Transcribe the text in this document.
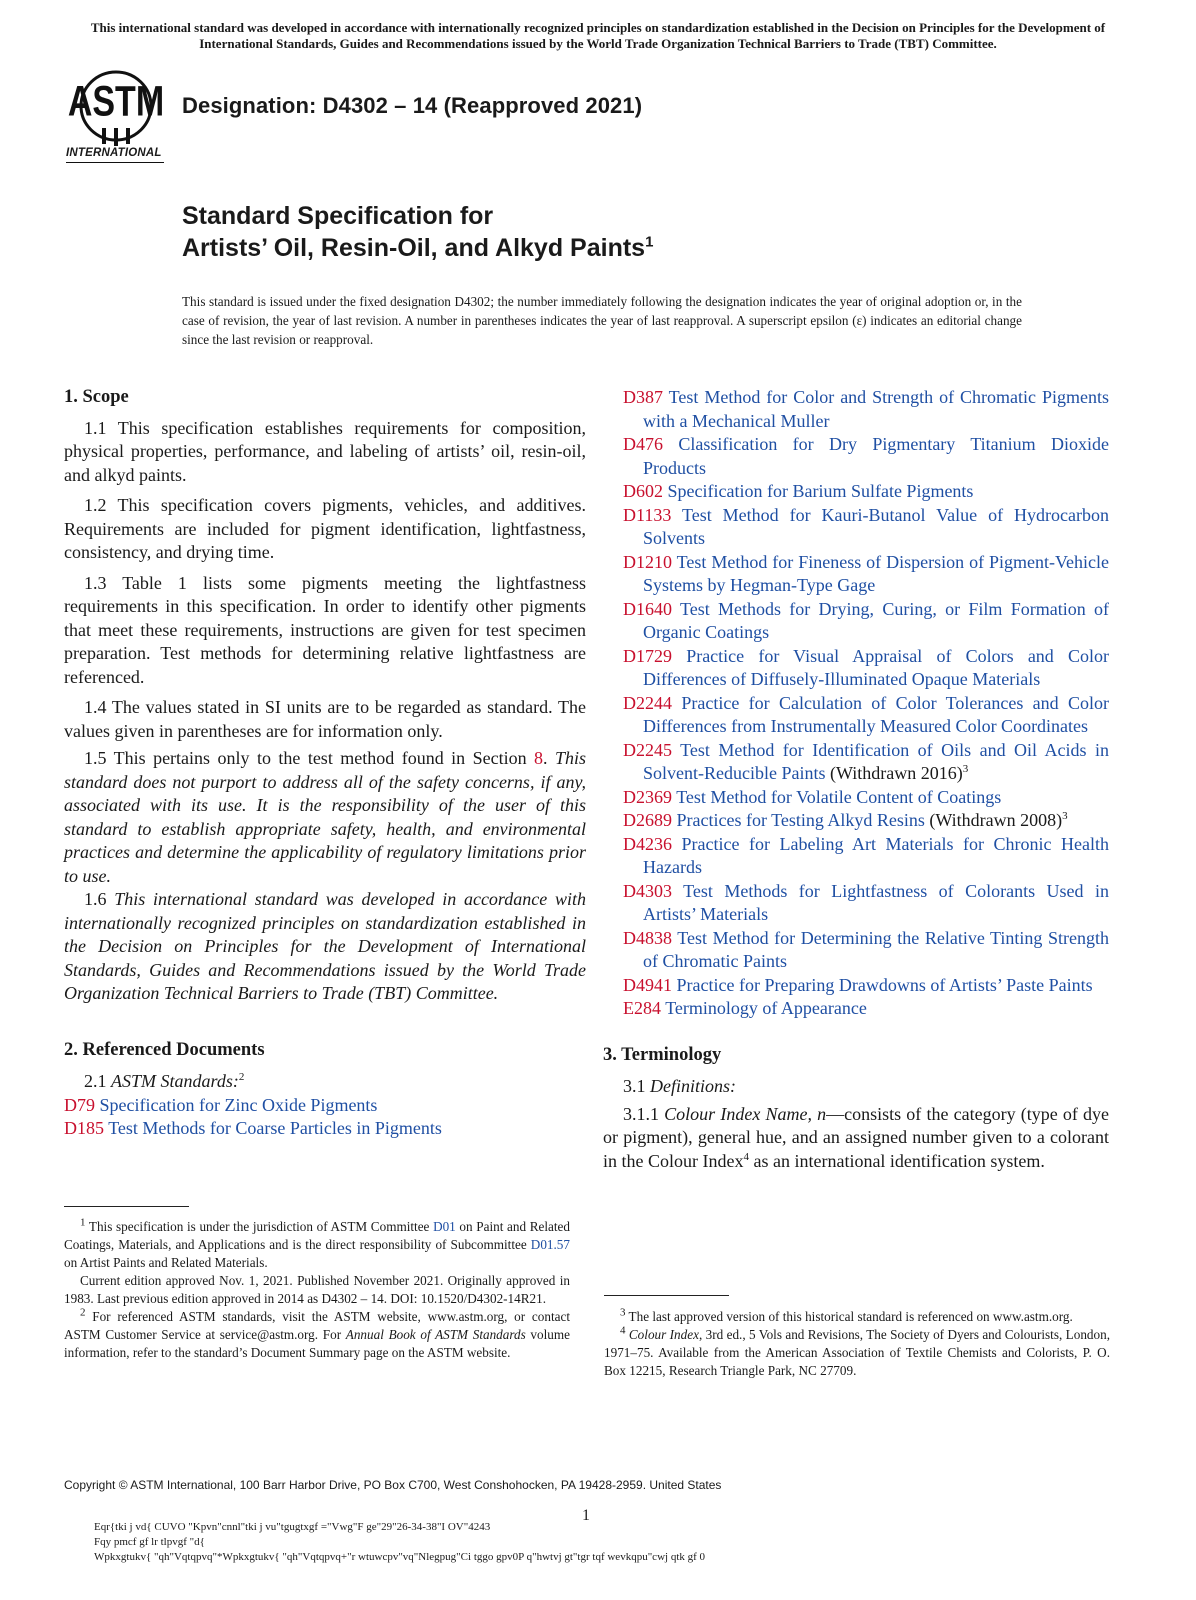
This international standard was developed in accordance with internationally recognized principles on standardization established in the Decision on Principles for the Development of International Standards, Guides and Recommendations issued by the World Trade Organization Technical Barriers to Trade (TBT) Committee.
ASTM
INTERNATIONAL
Designation: D4302 – 14 (Reapproved 2021)
Standard Specification for
Artists’ Oil, Resin-Oil, and Alkyd Paints$^1$
This standard is issued under the fixed designation D4302; the number immediately following the designation indicates the year of original adoption or, in the case of revision, the year of last revision. A number in parentheses indicates the year of last reapproval. A superscript epsilon (ε) indicates an editorial change since the last revision or reapproval.
1. Scope

1.1 This specification establishes requirements for composition, physical properties, performance, and labeling of artists’ oil, resin-oil, and alkyd paints.

1.2 This specification covers pigments, vehicles, and additives. Requirements are included for pigment identification, lightfastness, consistency, and drying time.

1.3 Table 1 lists some pigments meeting the lightfastness requirements in this specification. In order to identify other pigments that meet these requirements, instructions are given for test specimen preparation. Test methods for determining relative lightfastness are referenced.

1.4 The values stated in SI units are to be regarded as standard. The values given in parentheses are for information only.

1.5 This pertains only to the test method found in Section 8. This standard does not purport to address all of the safety concerns, if any, associated with its use. It is the responsibility of the user of this standard to establish appropriate safety, health, and environmental practices and determine the applicability of regulatory limitations prior to use.

1.6 This international standard was developed in accordance with internationally recognized principles on standardization established in the Decision on Principles for the Development of International Standards, Guides and Recommendations issued by the World Trade Organization Technical Barriers to Trade (TBT) Committee.

2. Referenced Documents

2.1 ASTM Standards:$^2$

D79 Specification for Zinc Oxide Pigments

D185 Test Methods for Coarse Particles in Pigments

$^1$ This specification is under the jurisdiction of ASTM Committee D01 on Paint and Related Coatings, Materials, and Applications and is the direct responsibility of Subcommittee D01.57 on Artist Paints and Related Materials.

Current edition approved Nov. 1, 2021. Published November 2021. Originally approved in 1983. Last previous edition approved in 2014 as D4302 – 14. DOI: 10.1520/D4302-14R21.

$^2$ For referenced ASTM standards, visit the ASTM website, www.astm.org, or contact ASTM Customer Service at service@astm.org. For Annual Book of ASTM Standards volume information, refer to the standard’s Document Summary page on the ASTM website.

D387 Test Method for Color and Strength of Chromatic Pigments with a Mechanical Muller

D476 Classification for Dry Pigmentary Titanium Dioxide Products

D602 Specification for Barium Sulfate Pigments

D1133 Test Method for Kauri-Butanol Value of Hydrocarbon Solvents

D1210 Test Method for Fineness of Dispersion of Pigment-Vehicle Systems by Hegman-Type Gage

D1640 Test Methods for Drying, Curing, or Film Formation of Organic Coatings

D1729 Practice for Visual Appraisal of Colors and Color Differences of Diffusely-Illuminated Opaque Materials

D2244 Practice for Calculation of Color Tolerances and Color Differences from Instrumentally Measured Color Coordinates

D2245 Test Method for Identification of Oils and Oil Acids in Solvent-Reducible Paints (Withdrawn 2016)$^3$

D2369 Test Method for Volatile Content of Coatings

D2689 Practices for Testing Alkyd Resins (Withdrawn 2008)$^3$

D4236 Practice for Labeling Art Materials for Chronic Health Hazards

D4303 Test Methods for Lightfastness of Colorants Used in Artists’ Materials

D4838 Test Method for Determining the Relative Tinting Strength of Chromatic Paints

D4941 Practice for Preparing Drawdowns of Artists’ Paste Paints

E284 Terminology of Appearance

3. Terminology

3.1 Definitions:

3.1.1 Colour Index Name, n—consists of the category (type of dye or pigment), general hue, and an assigned number given to a colorant in the Colour Index$^4$ as an international identification system.

$^3$ The last approved version of this historical standard is referenced on www.astm.org.

$^4$ Colour Index, 3rd ed., 5 Vols and Revisions, The Society of Dyers and Colourists, London, 1971–75. Available from the American Association of Textile Chemists and Colorists, P. O. Box 12215, Research Triangle Park, NC 27709.

Copyright © ASTM International, 100 Barr Harbor Drive, PO Box C700, West Conshohocken, PA 19428-2959. United States
1
Eqr{tki j vd{ CUVO "Kpvn"cnnl"tki j vu"tgugtxgf ="Vwg"F ge"29"26-34-38"I OV"4243
Fqy pmcf gf lr tlpvgf "d{
Wpkxgtukv{ "qh"Vqtqpvq"*Wpkxgtukv{ "qh"Vqtqpvq+"r wtuwcpv"vq"Nlegpug"Ci tggo gpv0P q"hwtvj gt"tgr tqf wevkqpu"cwj qtk gf 0
